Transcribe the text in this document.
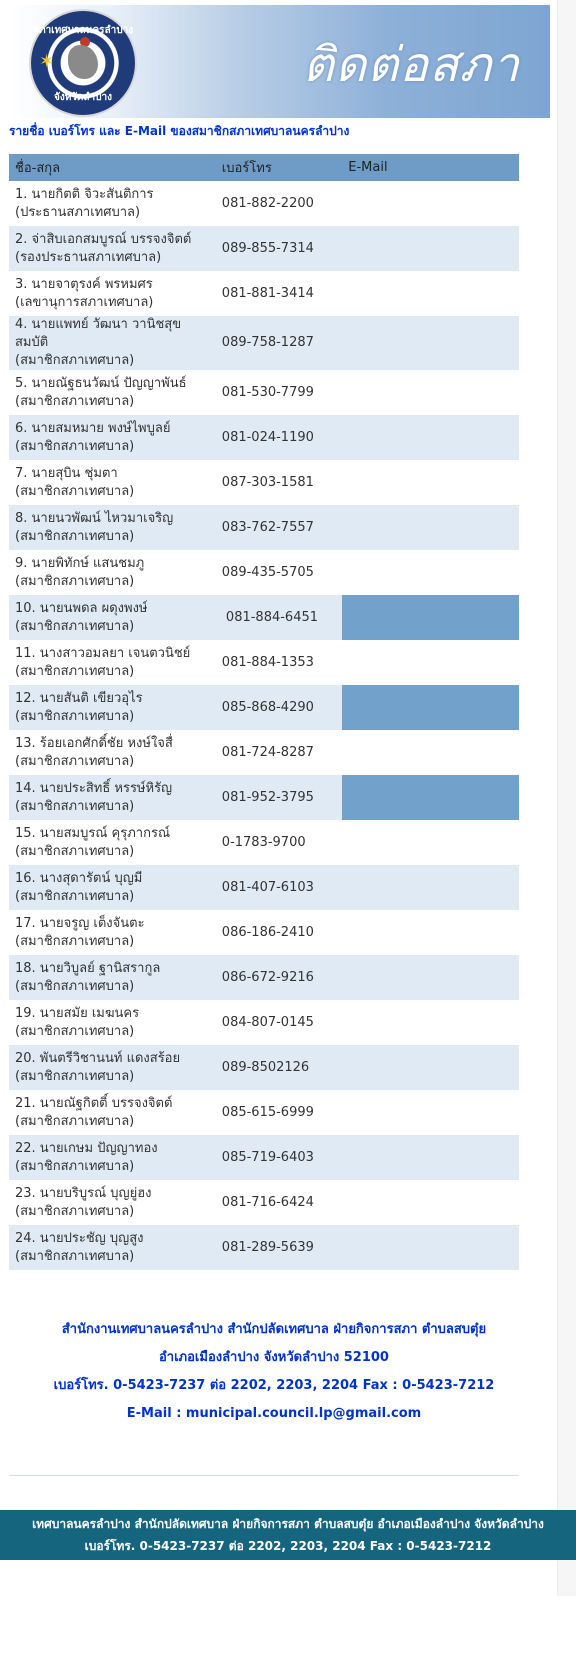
สภาเทศบาลนครลำปาง
✶
จังหวัดลำปาง
ติดต่อสภา
รายชื่อ เบอร์โทร และ E-Mail ของสมาชิกสภาเทศบาลนครลำปาง
ชื่อ-สกุล	เบอร์โทร	E-Mail
1. นายกิตติ จิวะสันติการ
(ประธานสภาเทศบาล)	081-882-2200	
2. จ่าสิบเอกสมบูรณ์ บรรจงจิตต์
(รองประธานสภาเทศบาล)	089-855-7314	
3. นายจาตุรงค์ พรหมศร
(เลขานุการสภาเทศบาล)	081-881-3414	
4. นายแพทย์ วัฒนา วานิชสุขสมบัติ
(สมาชิกสภาเทศบาล)	089-758-1287	
5. นายณัฐธนวัฒน์ ปัญญาพันธ์
(สมาชิกสภาเทศบาล)	081-530-7799	
6. นายสมหมาย พงษ์ไพบูลย์
(สมาชิกสภาเทศบาล)	081-024-1190	
7. นายสุบิน ชุ่มตา
(สมาชิกสภาเทศบาล)	087-303-1581	
8. นายนวพัฒน์ ไหวมาเจริญ
(สมาชิกสภาเทศบาล)	083-762-7557	
9. นายพิทักษ์ แสนชมภู
(สมาชิกสภาเทศบาล)	089-435-5705	
10. นายนพดล ผดุงพงษ์
(สมาชิกสภาเทศบาล)	081-884-6451	
11. นางสาวอมลยา เจนตวนิชย์
(สมาชิกสภาเทศบาล)	081-884-1353	
12. นายสันติ เขียวอุไร
(สมาชิกสภาเทศบาล)	085-868-4290	
13. ร้อยเอกศักดิ์ชัย หงษ์ใจสื่
(สมาชิกสภาเทศบาล)	081-724-8287	
14. นายประสิทธิ์ หรรษ์หิรัญ
(สมาชิกสภาเทศบาล)	081-952-3795	
15. นายสมบูรณ์ คุรุภากรณ์
(สมาชิกสภาเทศบาล)	0-1783-9700	
16. นางสุดารัตน์ บุญมี
(สมาชิกสภาเทศบาล)	081-407-6103	
17. นายจรูญ เต็งจันตะ
(สมาชิกสภาเทศบาล)	086-186-2410	
18. นายวิบูลย์ ฐานิสรากูล
(สมาชิกสภาเทศบาล)	086-672-9216	
19. นายสมัย เมฆนคร
(สมาชิกสภาเทศบาล)	084-807-0145	
20. พันตรีวิชานนท์ แดงสร้อย
(สมาชิกสภาเทศบาล)	089-8502126	
21. นายณัฐกิตติ์ บรรจงจิตต์
(สมาชิกสภาเทศบาล)	085-615-6999	
22. นายเกษม ปัญญาทอง
(สมาชิกสภาเทศบาล)	085-719-6403	
23. นายบริบูรณ์ บุญยู่ฮง
(สมาชิกสภาเทศบาล)	081-716-6424	
24. นายประชัญ บุญสูง
(สมาชิกสภาเทศบาล)	081-289-5639	
สำนักงานเทศบาลนครลำปาง สำนักปลัดเทศบาล ฝ่ายกิจการสภา ตำบลสบตุ๋ย
อำเภอเมืองลำปาง จังหวัดลำปาง 52100
เบอร์โทร. 0-5423-7237 ต่อ 2202, 2203, 2204 Fax : 0-5423-7212
E-Mail : municipal.council.lp@gmail.com
เทศบาลนครลำปาง สำนักปลัดเทศบาล ฝ่ายกิจการสภา ตำบลสบตุ๋ย อำเภอเมืองลำปาง จังหวัดลำปาง
เบอร์โทร. 0-5423-7237 ต่อ 2202, 2203, 2204 Fax : 0-5423-7212
